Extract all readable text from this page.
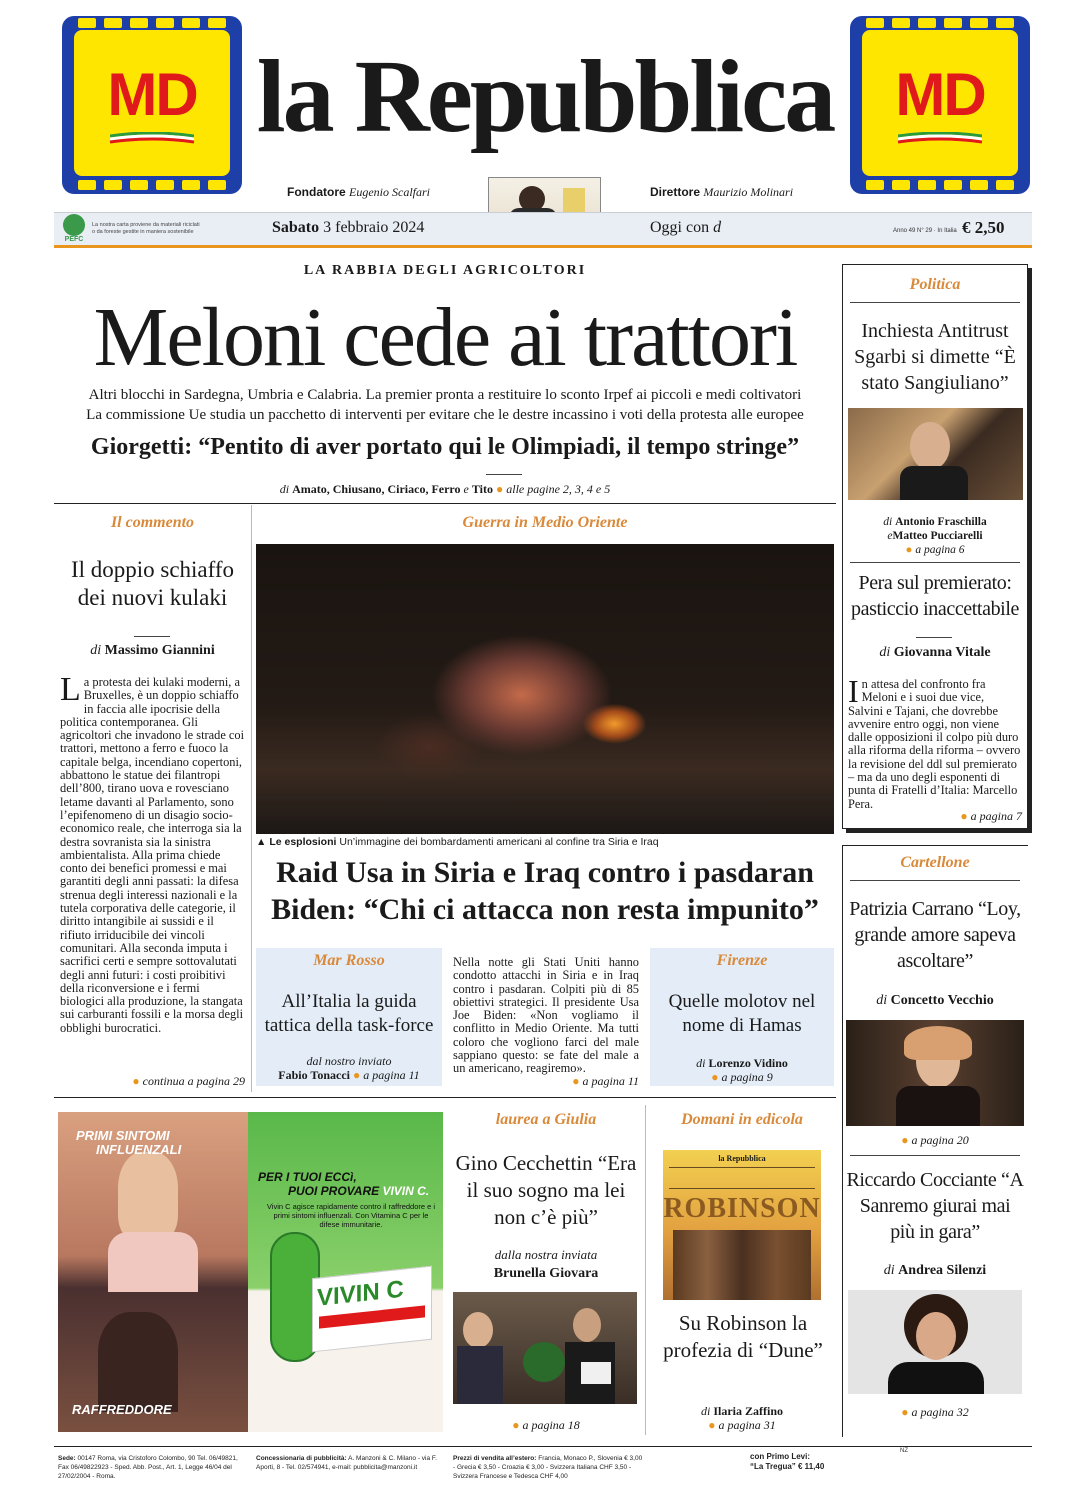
MD	MD
la Repubblica
Fondatore Eugenio Scalfari	Direttore Maurizio Molinari
PEFC
La nostra carta proviene da materiali riciclati o da foreste gestite in maniera sostenibile	Sabato 3 febbraio 2024	Oggi con d	Anno 49 N° 29 · In Italia € 2,50
LA RABBIA DEGLI AGRICOLTORI
Meloni cede ai trattori
Altri blocchi in Sardegna, Umbria e Calabria. La premier pronta a restituire lo sconto Irpef ai piccoli e medi coltivatori
La commissione Ue studia un pacchetto di interventi per evitare che le destre incassino i voti della protesta alle europee
Giorgetti: “Pentito di aver portato qui le Olimpiadi, il tempo stringe”
di Amato, Chiusano, Ciriaco, Ferro e Tito ● alle pagine 2, 3, 4 e 5
Il commento
Il doppio schiaffo dei nuovi kulaki
di Massimo Giannini
La protesta dei kulaki moderni, a Bruxelles, è un doppio schiaffo in faccia alle ipocrisie della politica contemporanea. Gli agricoltori che invadono le strade coi trattori, mettono a ferro e fuoco la capitale belga, incendiano copertoni, abbattono le statue dei filantropi dell’800, tirano uova e rovesciano letame davanti al Parlamento, sono l’epifenomeno di un disagio socio-economico reale, che interroga sia la destra sovranista sia la sinistra ambientalista. Alla prima chiede conto dei benefici promessi e mai garantiti degli anni passati: la difesa strenua degli interessi nazionali e la tutela corporativa delle categorie, il diritto intangibile ai sussidi e il rifiuto irriducibile dei vincoli comunitari. Alla seconda imputa i sacrifici certi e sempre sottovalutati degli anni futuri: i costi proibitivi della riconversione e i fermi biologici alla produzione, la stangata sui carburanti fossili e la morsa degli obblighi burocratici.
● continua a pagina 29
Guerra in Medio Oriente
▲ Le esplosioni Un’immagine dei bombardamenti americani al confine tra Siria e Iraq
Raid Usa in Siria e Iraq contro i pasdaran
Biden: “Chi ci attacca non resta impunito”
Mar Rosso
All’Italia la guida tattica della task-force
dal nostro inviato
Fabio Tonacci ● a pagina 11
Nella notte gli Stati Uniti hanno condotto attacchi in Siria e in Iraq contro i pasdaran. Colpiti più di 85 obiettivi strategici. Il presidente Usa Joe Biden: «Non vogliamo il conflitto in Medio Oriente. Ma tutti coloro che vogliono farci del male sappiano questo: se fate del male a un americano, reagiremo».
● a pagina 11
Firenze
Quelle molotov nel nome di Hamas
di Lorenzo Vidino
● a pagina 9
Politica
Inchiesta Antitrust Sgarbi si dimette “È stato Sangiuliano”
di Antonio Fraschilla
eMatteo Pucciarelli
● a pagina 6
Pera sul premierato: pasticcio inaccettabile
di Giovanna Vitale
In attesa del confronto fra Meloni e i suoi due vice, Salvini e Tajani, che dovrebbe avvenire entro oggi, non viene dalle opposizioni il colpo più duro alla riforma della riforma – ovvero la revisione del ddl sul premierato – ma da uno degli esponenti di punta di Fratelli d’Italia: Marcello Pera.
● a pagina 7
Cartellone
Patrizia Carrano “Loy, grande amore sapeva ascoltare”
di Concetto Vecchio
● a pagina 20
Riccardo Cocciante “A Sanremo giurai mai più in gara”
di Andrea Silenzi
● a pagina 32
PRIMI SINTOMI
INFLUENZALI
PER I TUOI ECCì,
PUOI PROVARE VIVIN C.
Vivin C agisce rapidamente contro il raffreddore e i primi sintomi influenzali. Con Vitamina C per le difese immunitarie.
VIVIN C
RAFFREDDORE
laurea a Giulia
Gino Cecchettin “Era il suo sogno ma lei non c’è più”
dalla nostra inviata
Brunella Giovara
● a pagina 18
Domani in edicola
la Repubblica
ROBINSON
Su Robinson la profezia di “Dune”
di Ilaria Zaffino
● a pagina 31
Sede: 00147 Roma, via Cristoforo Colombo, 90 Tel. 06/49821, Fax 06/49822923 - Sped. Abb. Post., Art. 1, Legge 46/04 del 27/02/2004 - Roma.
Concessionaria di pubblicità: A. Manzoni & C. Milano - via F. Aporti, 8 - Tel. 02/574941, e-mail: pubblicita@manzoni.it
Prezzi di vendita all’estero: Francia, Monaco P., Slovenia € 3,00 - Grecia € 3,50 - Croazia € 3,00 - Svizzera Italiana CHF 3,50 - Svizzera Francese e Tedesca CHF 4,00
con Primo Levi:
“La Tregua” € 11,40
NZ
